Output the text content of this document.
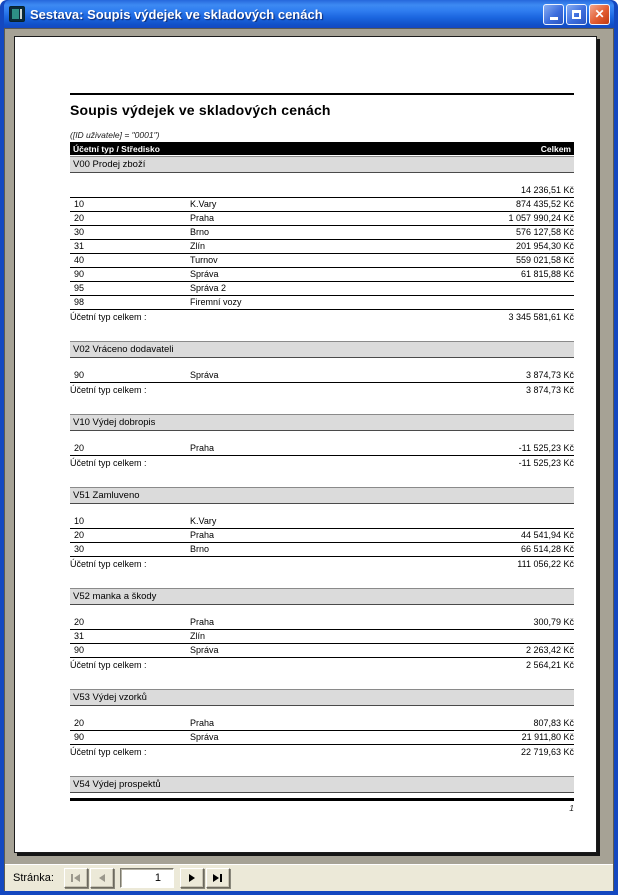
Sestava: Soupis výdejek ve skladových cenách	✕
Soupis výdejek ve skladových cenách
([ID uživatele] = "0001")
Účetní typ / Středisko	Celkem
V00 Prodej zboží
14 236,51 Kč
10	K.Vary	874 435,52 Kč
20	Praha	1 057 990,24 Kč
30	Brno	576 127,58 Kč
31	Zlín	201 954,30 Kč
40	Turnov	559 021,58 Kč
90	Správa	61 815,88 Kč
95	Správa 2
98	Firemní vozy
Účetní typ celkem :	3 345 581,61 Kč
V02 Vráceno dodavateli
90	Správa	3 874,73 Kč
Účetní typ celkem :	3 874,73 Kč
V10 Výdej dobropis
20	Praha	-11 525,23 Kč
Účetní typ celkem :	-11 525,23 Kč
V51 Zamluveno
10	K.Vary
20	Praha	44 541,94 Kč
30	Brno	66 514,28 Kč
Účetní typ celkem :	111 056,22 Kč
V52 manka a škody
20	Praha	300,79 Kč
31	Zlín
90	Správa	2 263,42 Kč
Účetní typ celkem :	2 564,21 Kč
V53 Výdej vzorků
20	Praha	807,83 Kč
90	Správa	21 911,80 Kč
Účetní typ celkem :	22 719,63 Kč
V54 Výdej prospektů
1
Stránka:
1
